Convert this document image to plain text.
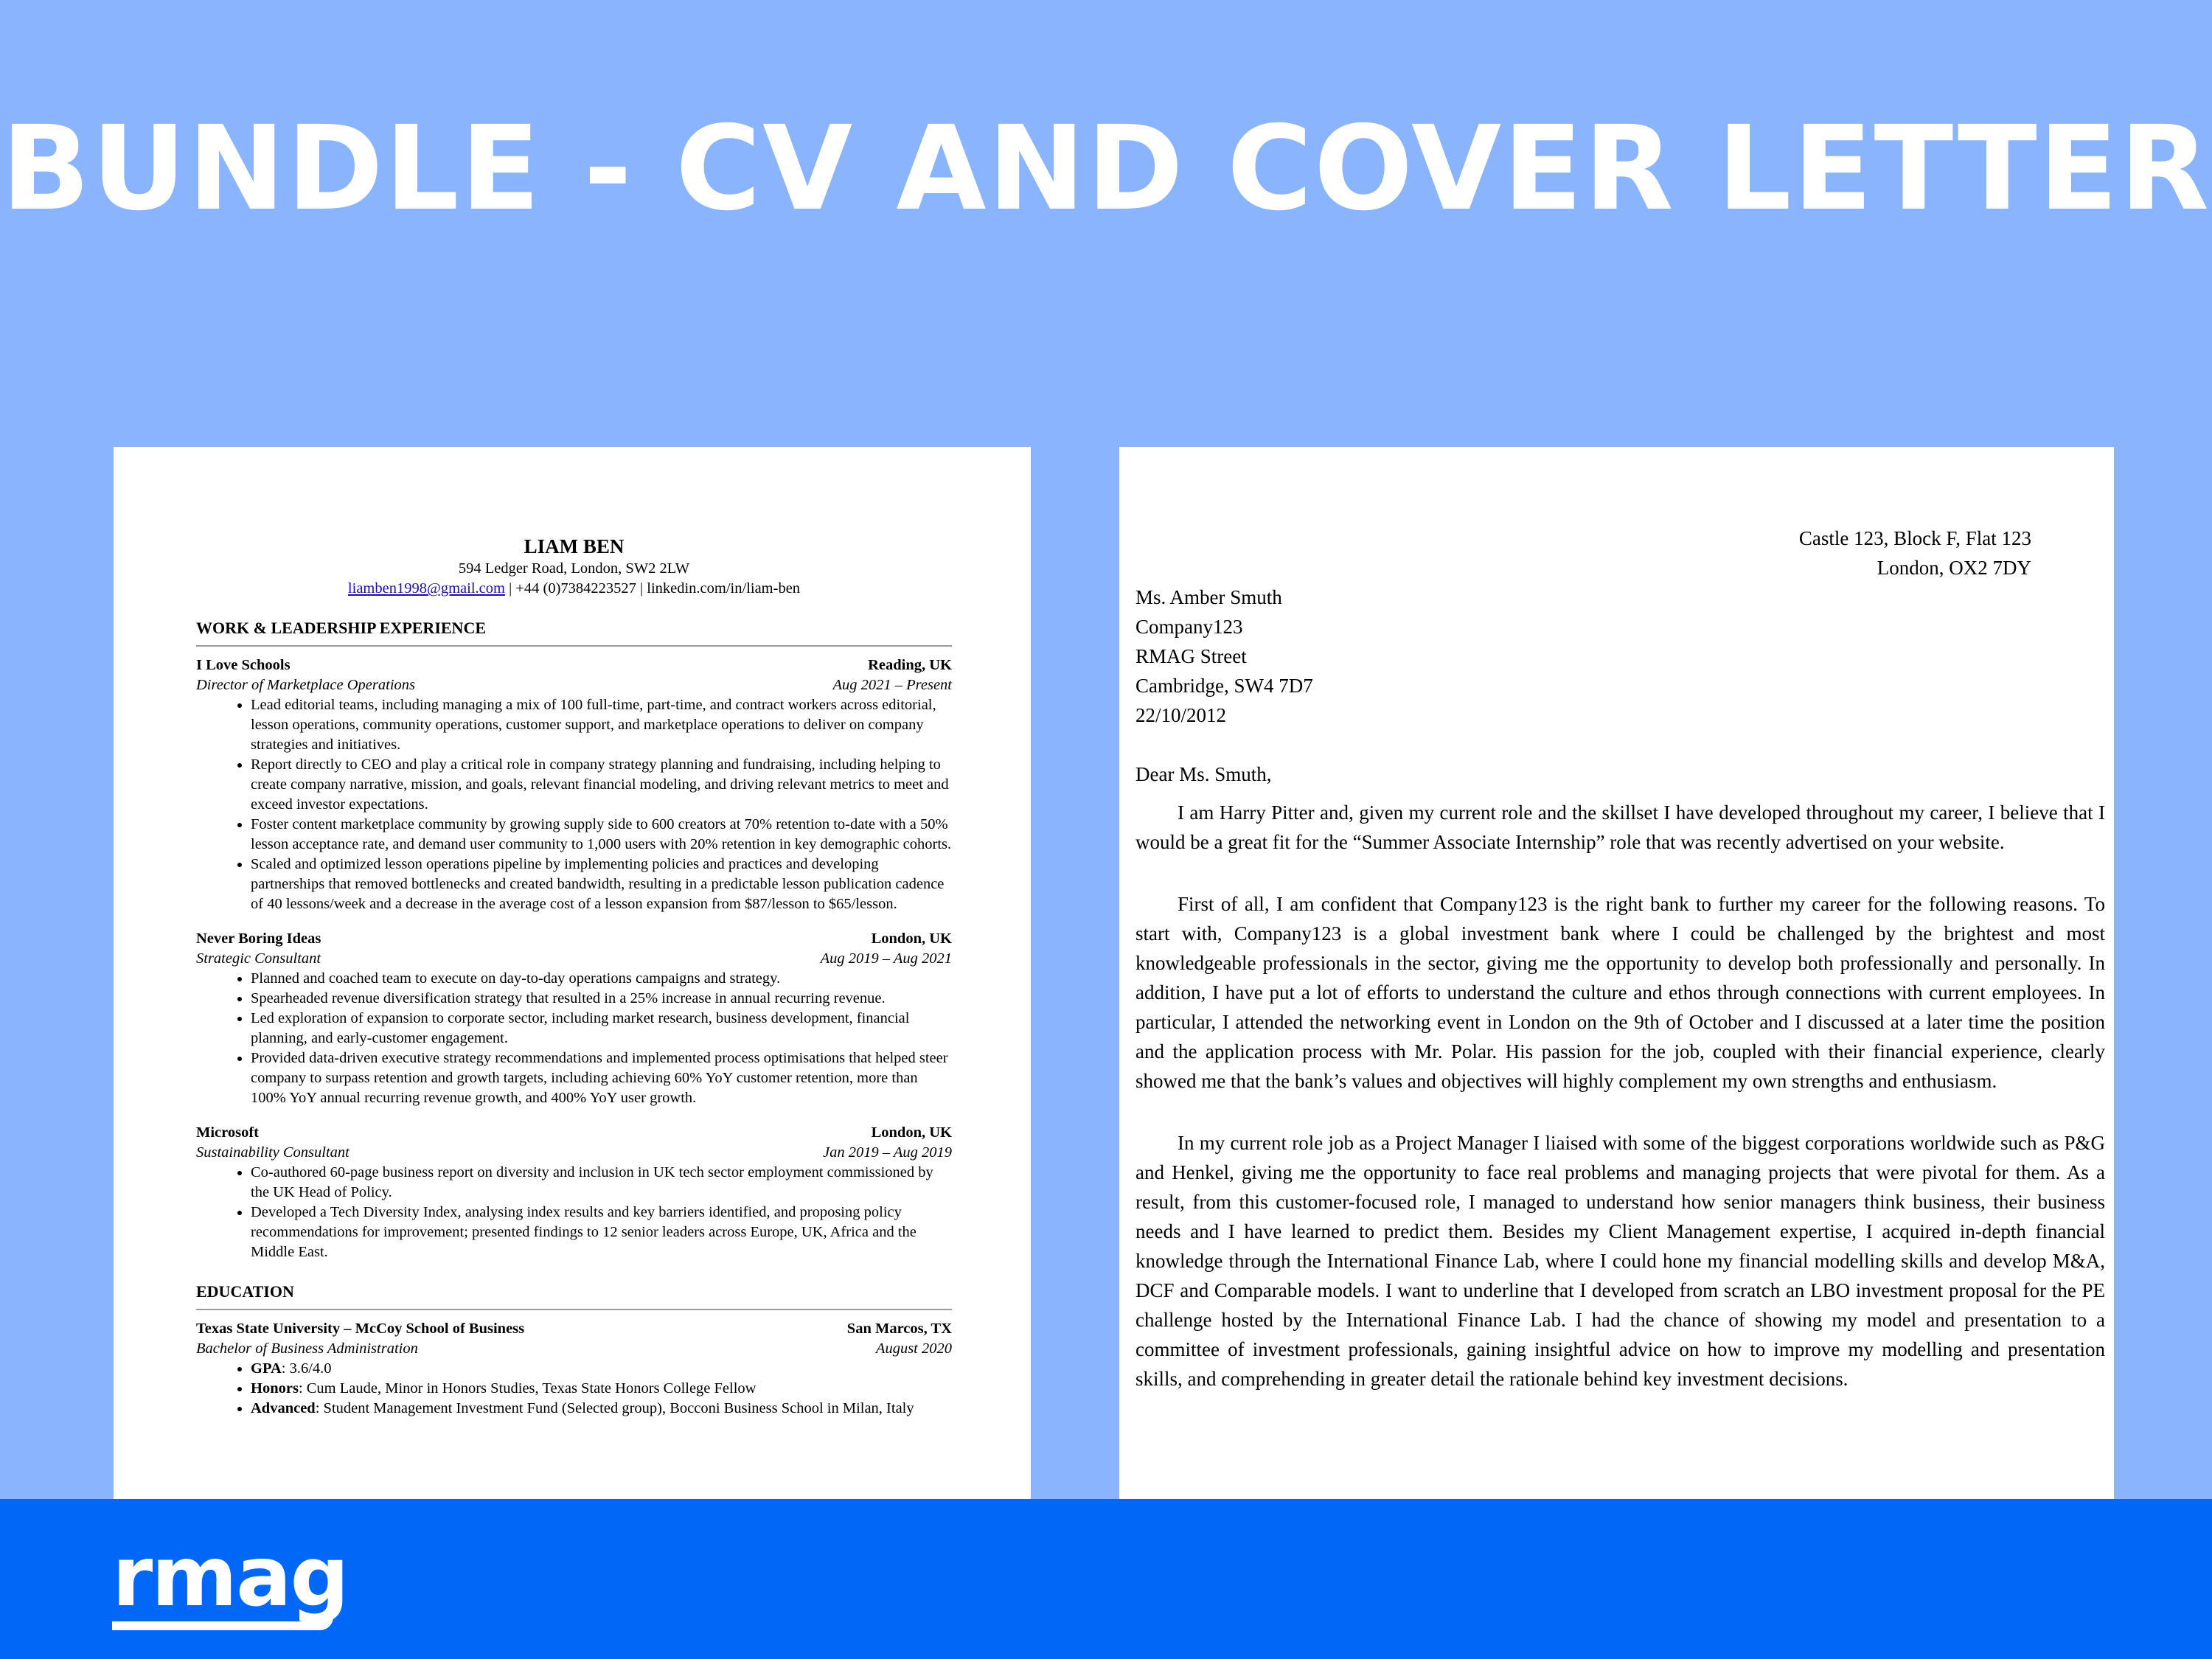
BUNDLE - CV AND COVER LETTER
LIAM BEN
594 Ledger Road, London, SW2 2LW
liamben1998@gmail.com | +44 (0)7384223527 | linkedin.com/in/liam-ben
WORK & LEADERSHIP EXPERIENCE
I Love Schools	Reading, UK
Director of Marketplace Operations	Aug 2021 – Present
• Lead editorial teams, including managing a mix of 100 full-time, part-time, and contract workers across editorial, lesson operations, community operations, customer support, and marketplace operations to deliver on company strategies and initiatives.
• Report directly to CEO and play a critical role in company strategy planning and fundraising, including helping to create company narrative, mission, and goals, relevant financial modeling, and driving relevant metrics to meet and exceed investor expectations.
• Foster content marketplace community by growing supply side to 600 creators at 70% retention to-date with a 50% lesson acceptance rate, and demand user community to 1,000 users with 20% retention in key demographic cohorts.
• Scaled and optimized lesson operations pipeline by implementing policies and practices and developing partnerships that removed bottlenecks and created bandwidth, resulting in a predictable lesson publication cadence of 40 lessons/week and a decrease in the average cost of a lesson expansion from $87/lesson to $65/lesson.
Never Boring Ideas	London, UK
Strategic Consultant	Aug 2019 – Aug 2021
• Planned and coached team to execute on day-to-day operations campaigns and strategy.
• Spearheaded revenue diversification strategy that resulted in a 25% increase in annual recurring revenue.
• Led exploration of expansion to corporate sector, including market research, business development, financial planning, and early-customer engagement.
• Provided data-driven executive strategy recommendations and implemented process optimisations that helped steer company to surpass retention and growth targets, including achieving 60% YoY customer retention, more than 100% YoY annual recurring revenue growth, and 400% YoY user growth.
Microsoft	London, UK
Sustainability Consultant	Jan 2019 – Aug 2019
• Co-authored 60-page business report on diversity and inclusion in UK tech sector employment commissioned by the UK Head of Policy.
• Developed a Tech Diversity Index, analysing index results and key barriers identified, and proposing policy recommendations for improvement; presented findings to 12 senior leaders across Europe, UK, Africa and the Middle East.
EDUCATION
Texas State University – McCoy School of Business	San Marcos, TX
Bachelor of Business Administration	August 2020
• GPA: 3.6/4.0
• Honors: Cum Laude, Minor in Honors Studies, Texas State Honors College Fellow
• Advanced: Student Management Investment Fund (Selected group), Bocconi Business School in Milan, Italy
Castle 123, Block F, Flat 123
London, OX2 7DY
Ms. Amber Smuth
Company123
RMAG Street
Cambridge, SW4 7D7
22/10/2012
Dear Ms. Smuth,

I am Harry Pitter and, given my current role and the skillset I have developed throughout my career, I believe that I would be a great fit for the “Summer Associate Internship” role that was recently advertised on your website.

First of all, I am confident that Company123 is the right bank to further my career for the following reasons. To start with, Company123 is a global investment bank where I could be challenged by the brightest and most knowledgeable professionals in the sector, giving me the opportunity to develop both professionally and personally. In addition, I have put a lot of efforts to understand the culture and ethos through connections with current employees. In particular, I attended the networking event in London on the 9th of October and I discussed at a later time the position and the application process with Mr. Polar. His passion for the job, coupled with their financial experience, clearly showed me that the bank’s values and objectives will highly complement my own strengths and enthusiasm.

In my current role job as a Project Manager I liaised with some of the biggest corporations worldwide such as P&G and Henkel, giving me the opportunity to face real problems and managing projects that were pivotal for them. As a result, from this customer-focused role, I managed to understand how senior managers think business, their business needs and I have learned to predict them. Besides my Client Management expertise, I acquired in-depth financial knowledge through the International Finance Lab, where I could hone my financial modelling skills and develop M&A, DCF and Comparable models. I want to underline that I developed from scratch an LBO investment proposal for the PE challenge hosted by the International Finance Lab. I had the chance of showing my model and presentation to a committee of investment professionals, gaining insightful advice on how to improve my modelling and presentation skills, and comprehending in greater detail the rationale behind key investment decisions.

rmag
